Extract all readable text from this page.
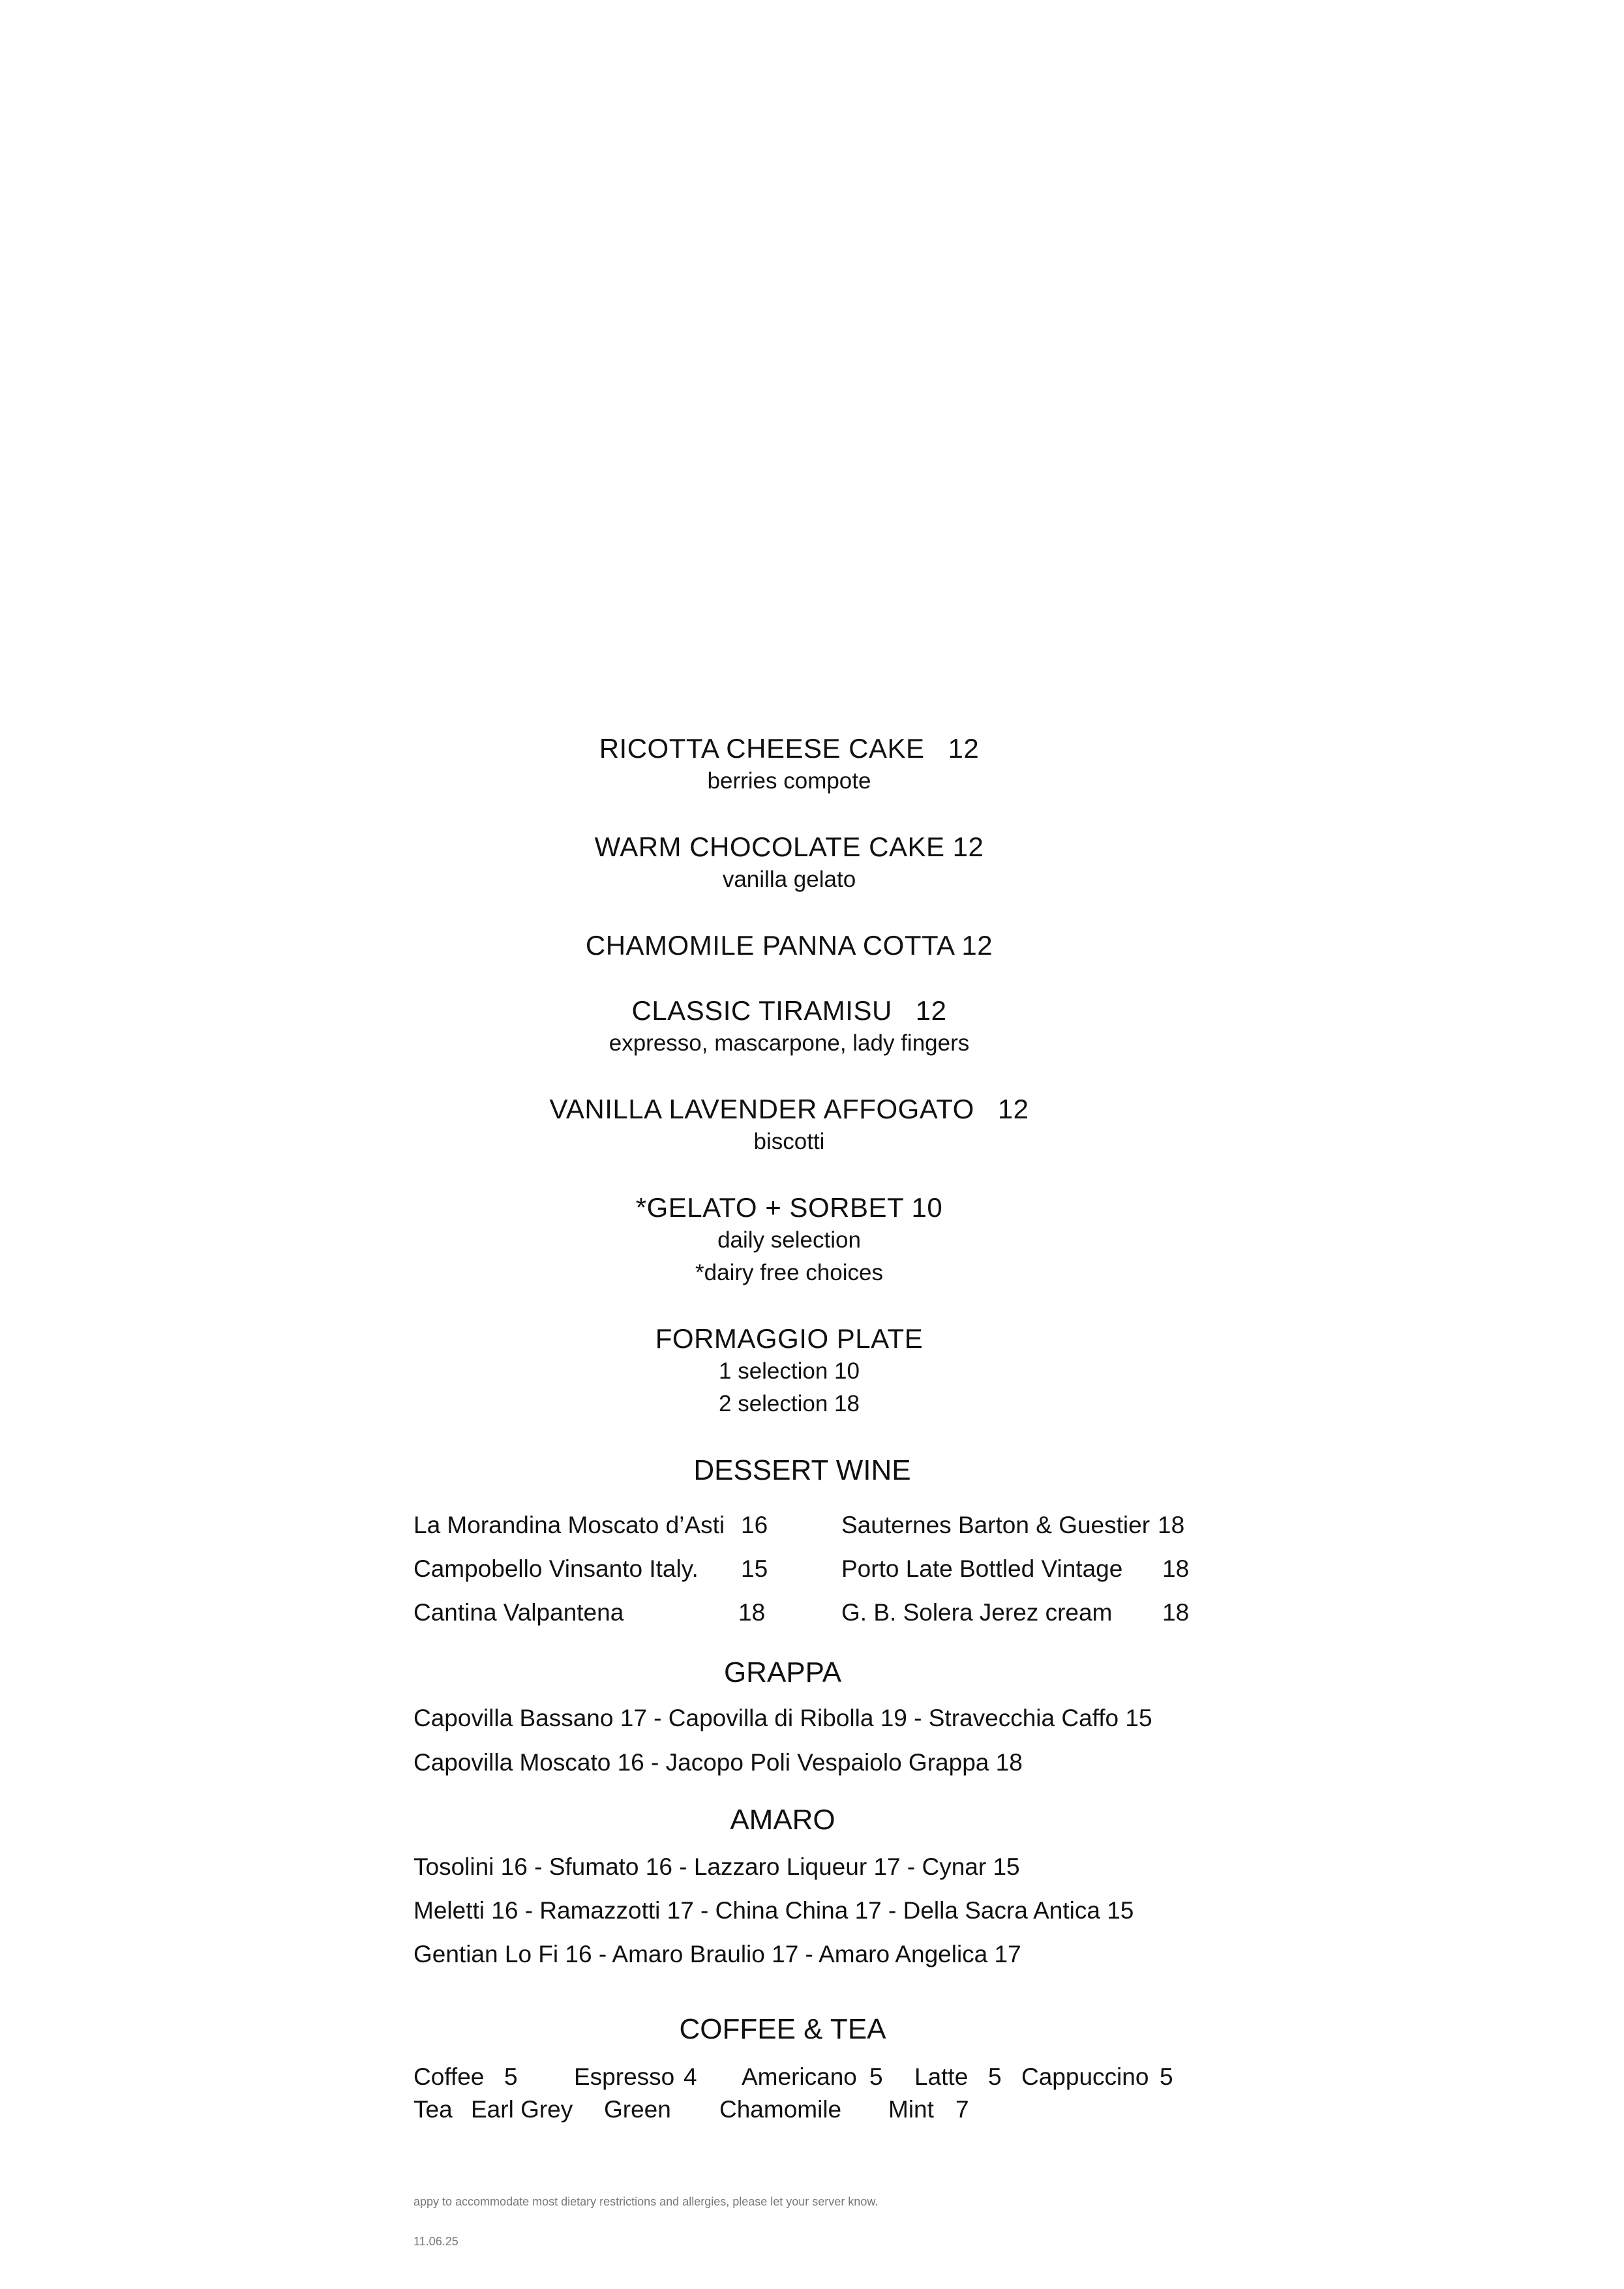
RICOTTA CHEESE CAKE 12
berries compote
WARM CHOCOLATE CAKE 12
vanilla gelato
CHAMOMILE PANNA COTTA 12
CLASSIC TIRAMISU 12
expresso, mascarpone, lady fingers
VANILLA LAVENDER AFFOGATO 12
biscotti
*GELATO + SORBET 10
daily selection
*dairy free choices
FORMAGGIO PLATE
1 selection 10
2 selection 18
DESSERT WINE
La Morandina Moscato d’Asti 16
Campobello Vinsanto Italy. 15
Cantina Valpantena	18
Sauternes Barton & Guestier 18
Porto Late Bottled Vintage 18
G. B. Solera Jerez cream 18
GRAPPA
Capovilla Bassano 17 - Capovilla di Ribolla 19 - Stravecchia Caffo 15
Capovilla Moscato 16 - Jacopo Poli Vespaiolo Grappa 18
AMARO
Tosolini 16 - Sfumato 16 - Lazzaro Liqueur 17 - Cynar 15
Meletti 16 - Ramazzotti 17 - China China 17 - Della Sacra Antica 15
Gentian Lo Fi 16 - Amaro Braulio 17 - Amaro Angelica 17
COFFEE & TEA
Coffee 5 Espresso 4 Americano 5 Latte 5 Cappuccino 5
Tea Earl Grey Green Chamomile Mint 7
appy to accommodate most dietary restrictions and allergies, please let your server know.
11.06.25
